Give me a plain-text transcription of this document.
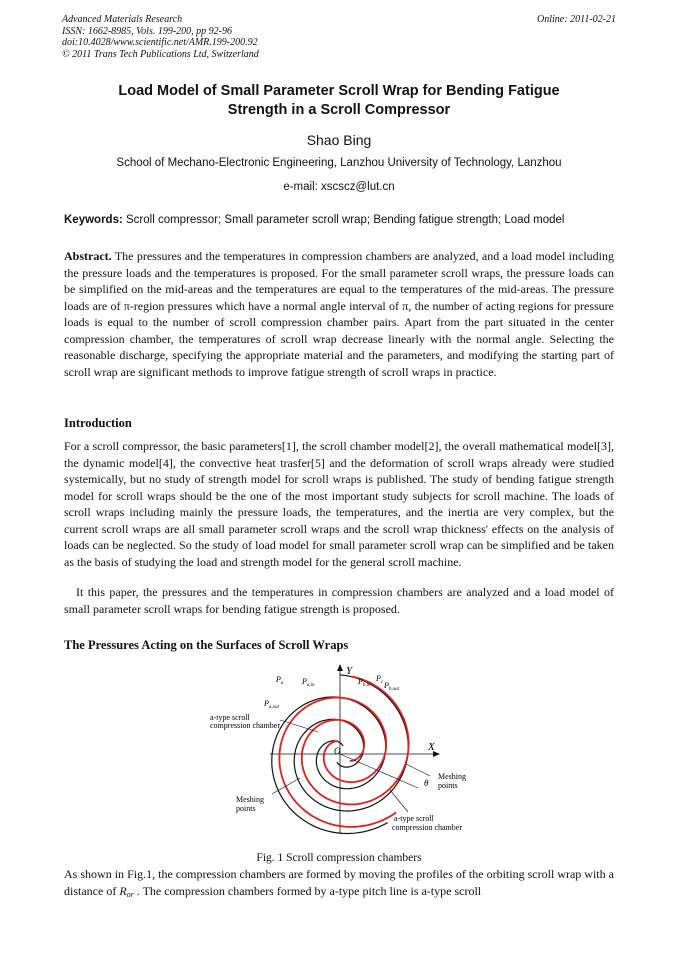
Advanced Materials Research
ISSN: 1662-8985, Vols. 199-200, pp 92-96
doi:10.4028/www.scientific.net/AMR.199-200.92
© 2011 Trans Tech Publications Ltd, Switzerland
Online: 2011-02-21
Load Model of Small Parameter Scroll Wrap for Bending Fatigue
Strength in a Scroll Compressor
Shao Bing
School of Mechano-Electronic Engineering, Lanzhou University of Technology, Lanzhou
e-mail: xscscz@lut.cn
Keywords: Scroll compressor; Small parameter scroll wrap; Bending fatigue strength; Load model
Abstract. The pressures and the temperatures in compression chambers are analyzed, and a load model including the pressure loads and the temperatures is proposed. For the small parameter scroll wraps, the pressure loads can be simplified on the mid-areas and the temperatures are equal to the temperatures of the mid-areas. The pressure loads are of π-region pressures which have a normal angle interval of π, the number of acting regions for pressure loads is equal to the number of scroll compression chamber pairs. Apart from the part situated in the center compression chamber, the temperatures of scroll wrap decrease linearly with the normal angle. Selecting the reasonable discharge, specifying the appropriate material and the parameters, and modifying the starting part of scroll wrap are significant methods to improve fatigue strength of scroll wraps in practice.
Introduction
For a scroll compressor, the basic parameters[1], the scroll chamber model[2], the overall mathematical model[3], the dynamic model[4], the convective heat trasfer[5] and the deformation of scroll wraps already were studied systemically, but no study of strength model for scroll wraps is published. The study of bending fatigue strength model for scroll wraps should be the one of the most important study subjects for scroll machine. The loads of scroll wraps including mainly the pressure loads, the temperatures, and the inertia are very complex, but the current scroll wraps are all small parameter scroll wraps and the scroll wrap thickness' effects on the analysis of loads can be neglected. So the study of load model for small parameter scroll wrap can be simplified and be taken as the basis of studying the load and strength model for the general scroll machine.
It this paper, the pressures and the temperatures in compression chambers are analyzed and a load model of small parameter scroll wraps for bending fatigue strength is proposed.
The Pressures Acting on the Surfaces of Scroll Wraps
Y
X
O
$P_a$ $P_{a,in}$	$P_{b,in}$
$P_c$ $P_{b,out}$
$P_{a,out}$
a-type scroll
compression chamber
Meshing
points
Meshing
points
a-type scroll
compression chamber
θ
Fig. 1 Scroll compression chambers
As shown in Fig.1, the compression chambers are formed by moving the profiles of the orbiting scroll wrap with a distance of Ror . The compression chambers formed by a-type pitch line is a-type scroll
